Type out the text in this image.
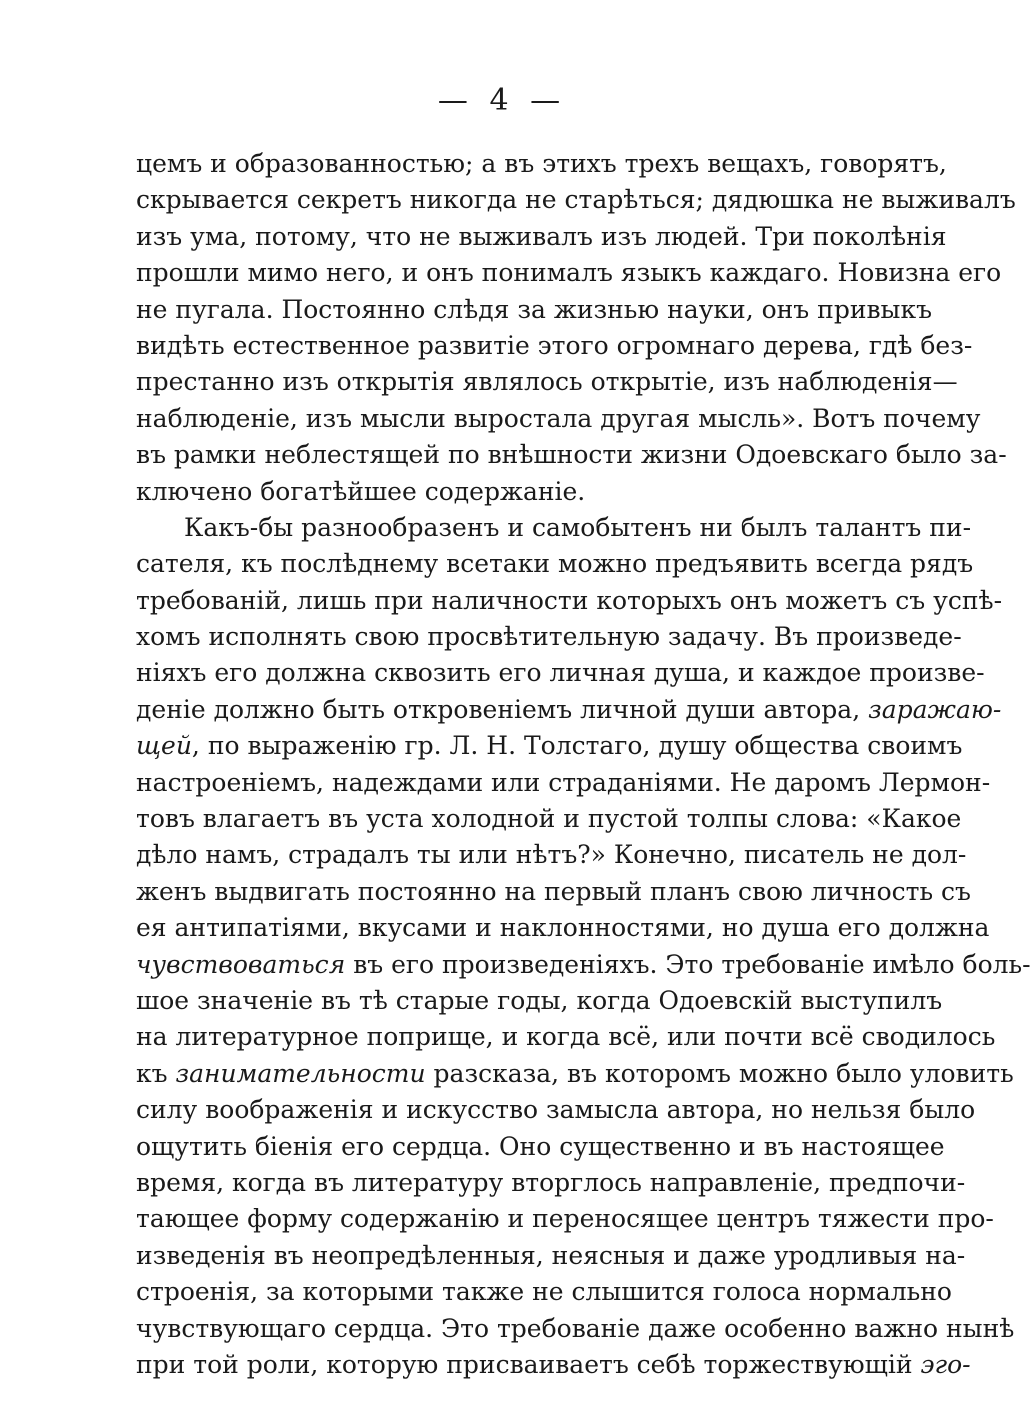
— 4 —
цемъ и образованностью; а въ этихъ трехъ вещахъ, говорятъ,
скрывается секретъ никогда не старѣться; дядюшка не выживалъ
изъ ума, потому, что не выживалъ изъ людей. Три поколѣнія
прошли мимо него, и онъ понималъ языкъ каждаго. Новизна его
не пугала. Постоянно слѣдя за жизнью науки, онъ привыкъ
видѣть естественное развитіе этого огромнаго дерева, гдѣ без-
престанно изъ открытія являлось открытіе, изъ наблюденія—
наблюденіе, изъ мысли выростала другая мысль». Вотъ почему
въ рамки неблестящей по внѣшности жизни Одоевскаго было за-
ключено богатѣйшее содержаніе.
Какъ-бы разнообразенъ и самобытенъ ни былъ талантъ пи-
сателя, къ послѣднему всетаки можно предъявить всегда рядъ
требованій, лишь при наличности которыхъ онъ можетъ съ успѣ-
хомъ исполнять свою просвѣтительную задачу. Въ произведе-
ніяхъ его должна сквозить его личная душа, и каждое произве-
деніе должно быть откровеніемъ личной души автора, заражаю-
щей, по выраженію гр. Л. Н. Толстаго, душу общества своимъ
настроеніемъ, надеждами или страданіями. Не даромъ Лермон-
товъ влагаетъ въ уста холодной и пустой толпы слова: «Какое
дѣло намъ, страдалъ ты или нѣтъ?» Конечно, писатель не дол-
женъ выдвигать постоянно на первый планъ свою личность съ
ея антипатіями, вкусами и наклонностями, но душа его должна
чувствоваться въ его произведеніяхъ. Это требованіе имѣло боль-
шое значеніе въ тѣ старые годы, когда Одоевскій выступилъ
на литературное поприще, и когда всё, или почти всё сводилось
къ занимательности разсказа, въ которомъ можно было уловить
силу воображенія и искусство замысла автора, но нельзя было
ощутить біенія его сердца. Оно существенно и въ настоящее
время, когда въ литературу вторглось направленіе, предпочи-
тающее форму содержанію и переносящее центръ тяжести про-
изведенія въ неопредѣленныя, неясныя и даже уродливыя на-
строенія, за которыми также не слышится голоса нормально
чувствующаго сердца. Это требованіе даже особенно важно нынѣ
при той роли, которую присваиваетъ себѣ торжествующій эго-
